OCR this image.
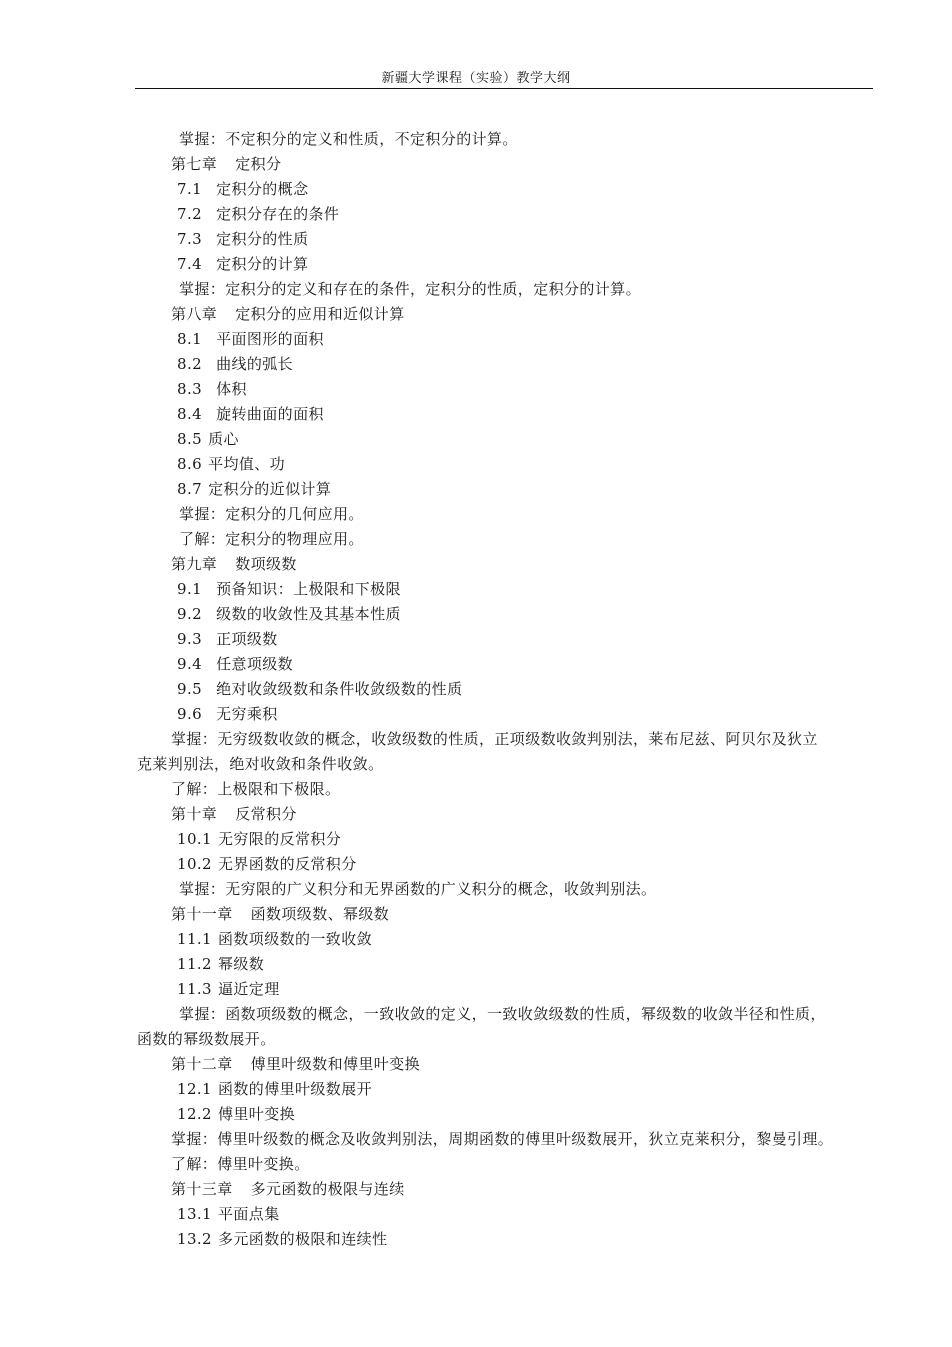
新疆大学课程（实验）教学大纲
掌握：不定积分的定义和性质，不定积分的计算。
第七章 定积分
7.1 定积分的概念
7.2 定积分存在的条件
7.3 定积分的性质
7.4 定积分的计算
掌握：定积分的定义和存在的条件，定积分的性质，定积分的计算。
第八章 定积分的应用和近似计算
8.1 平面图形的面积
8.2 曲线的弧长
8.3 体积
8.4 旋转曲面的面积
8.5 质心
8.6 平均值、功
8.7 定积分的近似计算
掌握：定积分的几何应用。
了解：定积分的物理应用。
第九章 数项级数
9.1 预备知识：上极限和下极限
9.2 级数的收敛性及其基本性质
9.3 正项级数
9.4 任意项级数
9.5 绝对收敛级数和条件收敛级数的性质
9.6 无穷乘积
掌握：无穷级数收敛的概念，收敛级数的性质，正项级数收敛判别法，莱布尼兹、阿贝尔及狄立
克莱判别法，绝对收敛和条件收敛。
了解：上极限和下极限。
第十章 反常积分
10.1 无穷限的反常积分
10.2 无界函数的反常积分
掌握：无穷限的广义积分和无界函数的广义积分的概念，收敛判别法。
第十一章 函数项级数、幂级数
11.1 函数项级数的一致收敛
11.2 幂级数
11.3 逼近定理
掌握：函数项级数的概念，一致收敛的定义，一致收敛级数的性质，幂级数的收敛半径和性质，
函数的幂级数展开。
第十二章 傅里叶级数和傅里叶变换
12.1 函数的傅里叶级数展开
12.2 傅里叶变换
掌握：傅里叶级数的概念及收敛判别法，周期函数的傅里叶级数展开，狄立克莱积分，黎曼引理。
了解：傅里叶变换。
第十三章 多元函数的极限与连续
13.1 平面点集
13.2 多元函数的极限和连续性
